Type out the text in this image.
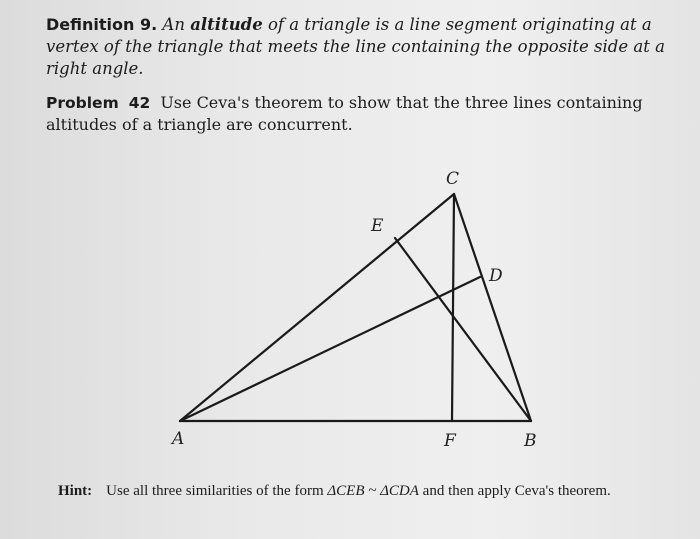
Definition 9. An altitude of a triangle is a line segment originating at a vertex of the triangle that meets the line containing the opposite side at a right angle.
Problem 42 Use Ceva's theorem to show that the three lines containing altitudes of a triangle are concurrent.
A	B
C
D
E
F
Hint: Use all three similarities of the form ΔCEB ~ ΔCDA and then apply Ceva's theorem.
